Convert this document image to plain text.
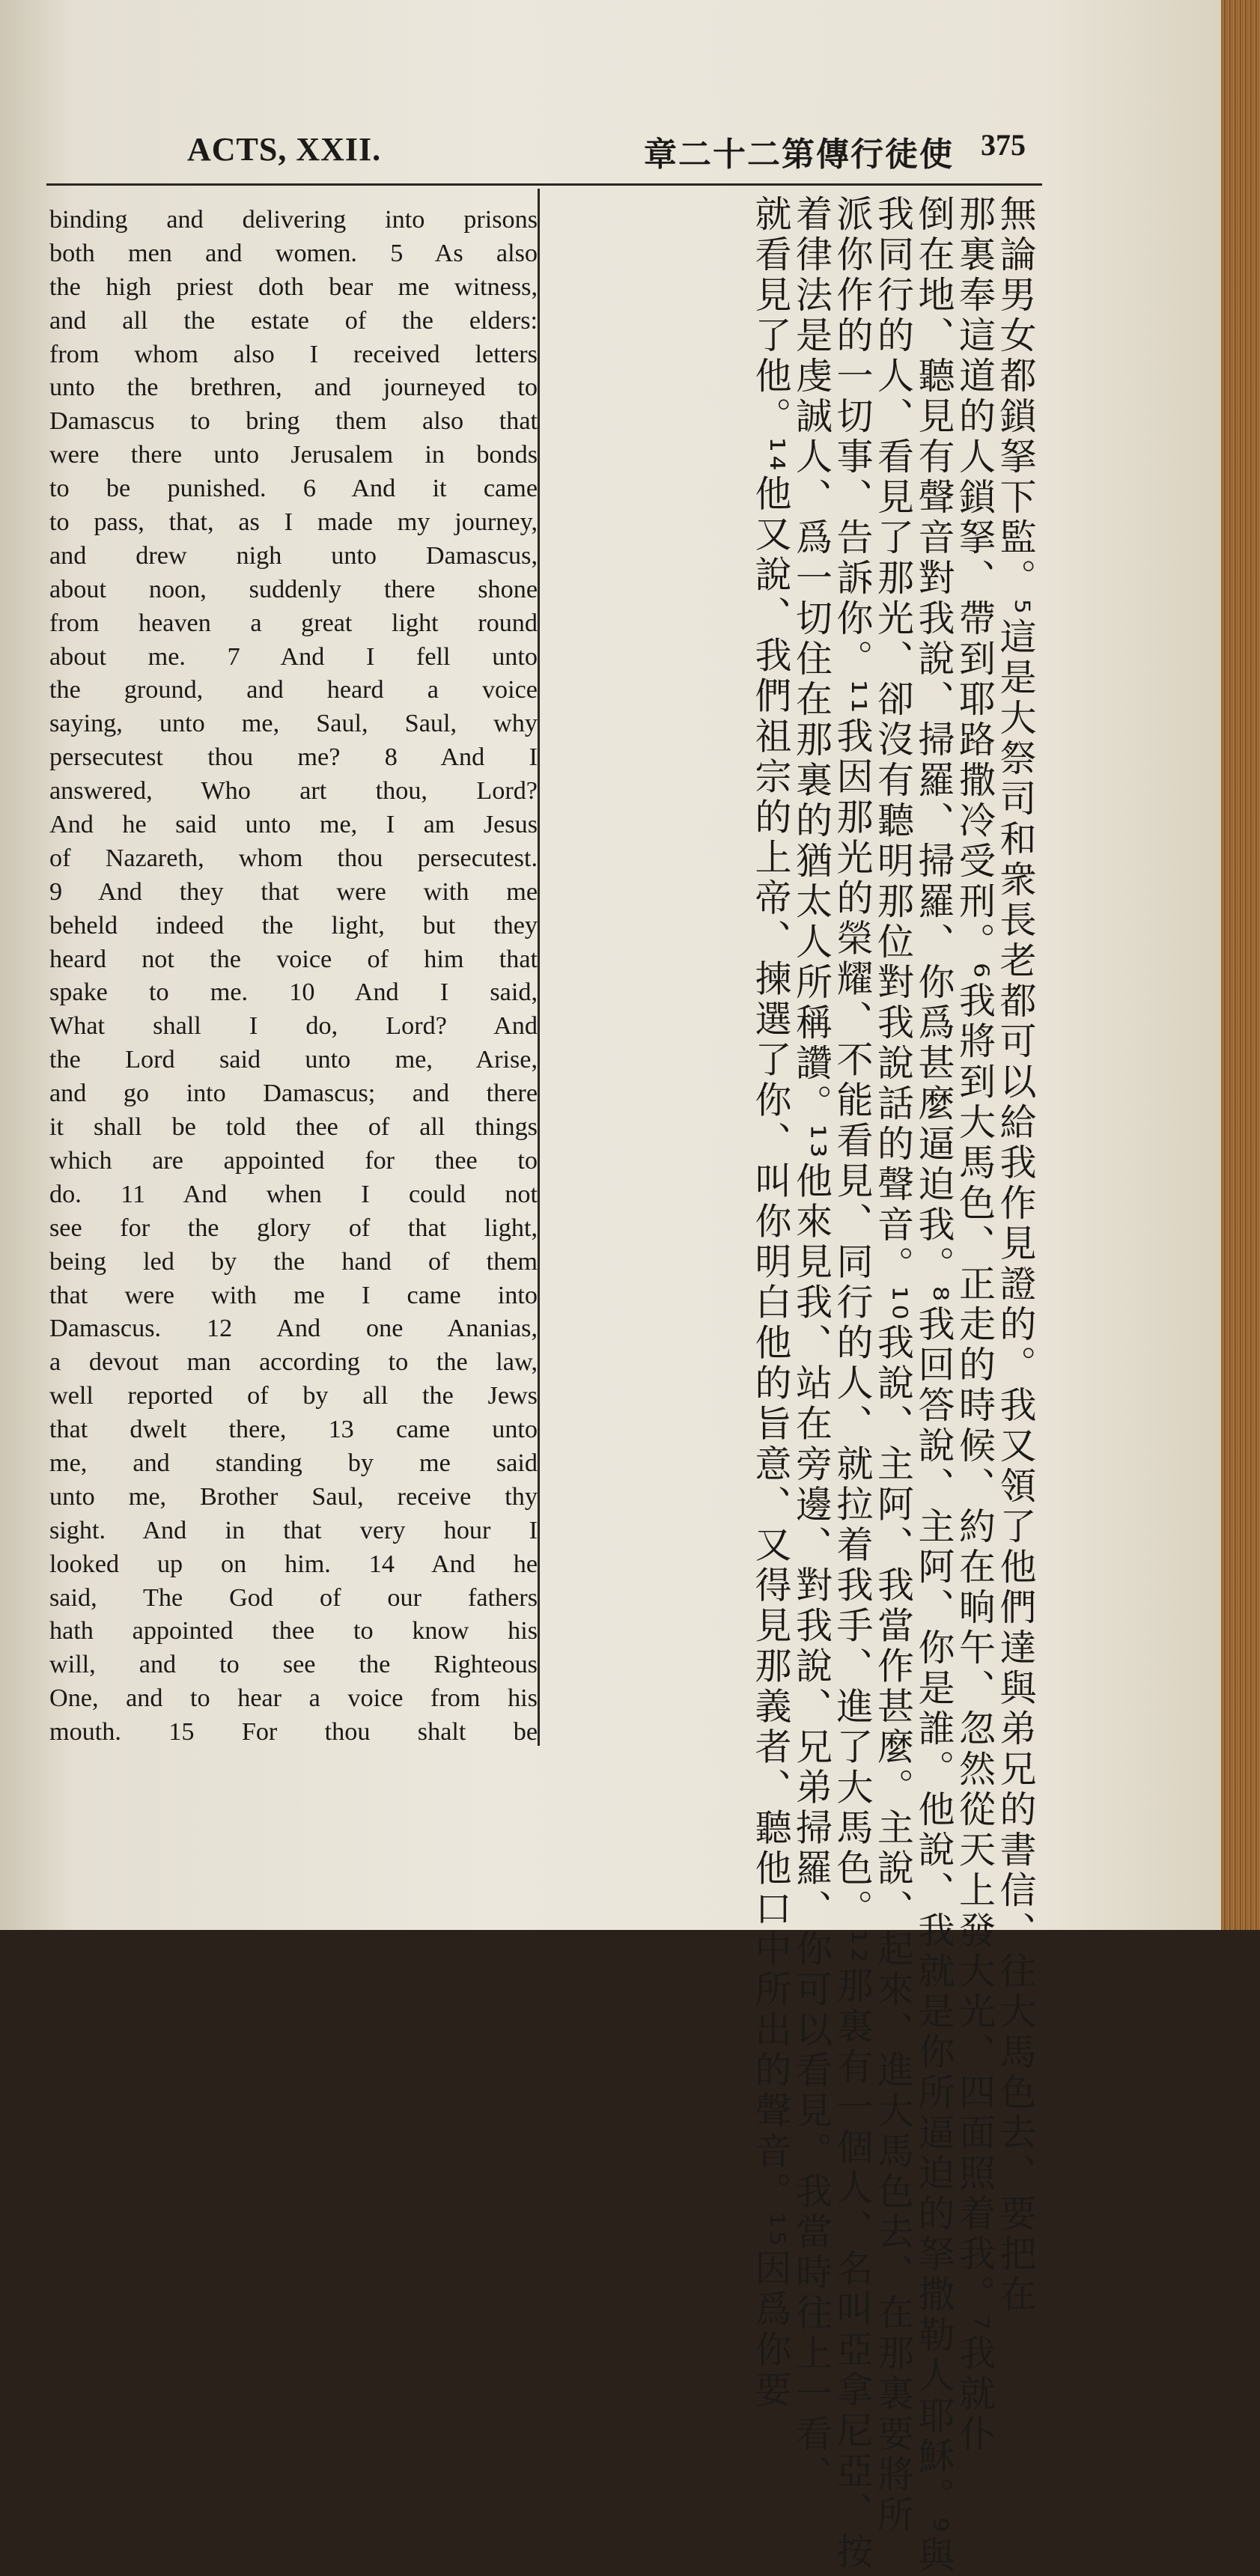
ACTS, XXII.	章二十二第傳行徒使 375
binding and delivering into prisons
both men and women. 5 As also
the high priest doth bear me witness,
and all the estate of the elders:
from whom also I received letters
unto the brethren, and journeyed to
Damascus to bring them also that
were there unto Jerusalem in bonds
to be punished. 6 And it came
to pass, that, as I made my journey,
and drew nigh unto Damascus,
about noon, suddenly there shone
from heaven a great light round
about me. 7 And I fell unto
the ground, and heard a voice
saying, unto me, Saul, Saul, why
persecutest thou me? 8 And I
answered, Who art thou, Lord?
And he said unto me, I am Jesus
of Nazareth, whom thou persecutest.
9 And they that were with me
beheld indeed the light, but they
heard not the voice of him that
spake to me. 10 And I said,
What shall I do, Lord? And
the Lord said unto me, Arise,
and go into Damascus; and there
it shall be told thee of all things
which are appointed for thee to
do. 11 And when I could not
see for the glory of that light,
being led by the hand of them
that were with me I came into
Damascus. 12 And one Ananias,
a devout man according to the law,
well reported of by all the Jews
that dwelt there, 13 came unto
me, and standing by me said
unto me, Brother Saul, receive thy
sight. And in that very hour I
looked up on him. 14 And he
said, The God of our fathers
hath appointed thee to know his
will, and to see the Righteous
One, and to hear a voice from his
mouth. 15 For thou shalt be	無論男女都鎖拏下監。⁵這是大祭司和衆長老都可以給我作見證的。我又領了他們達與弟兄的書信、往大馬色去、要把在
那裏奉這道的人鎖拏、帶到耶路撒冷受刑。⁶我將到大馬色、正走的時候、約在晌午、忽然從天上發大光、四面照着我。⁷我就仆
倒在地、聽見有聲音對我說、掃羅、掃羅、你爲甚麼逼迫我。⁸我回答說、主阿、你是誰。他說、我就是你所逼迫的拏撒勒人耶穌。⁹與
我同行的人、看見了那光、卻沒有聽明那位對我說話的聲音。¹⁰我說、主阿、我當作甚麼。主說、起來、進大馬色去、在那裏要將所
派你作的一切事、告訴你。¹¹我因那光的榮耀、不能看見、同行的人、就拉着我手、進了大馬色。¹²那裏有一個人、名叫亞拿尼亞、按
着律法是虔誠人、爲一切住在那裏的猶太人所稱讚。¹³他來見我、站在旁邊、對我說、兄弟掃羅、你可以看見。我當時往上一看、
就看見了他。¹⁴他又說、我們祖宗的上帝、揀選了你、叫你明白他的旨意、又得見那義者、聽他口中所出的聲音。¹⁵因爲你要
